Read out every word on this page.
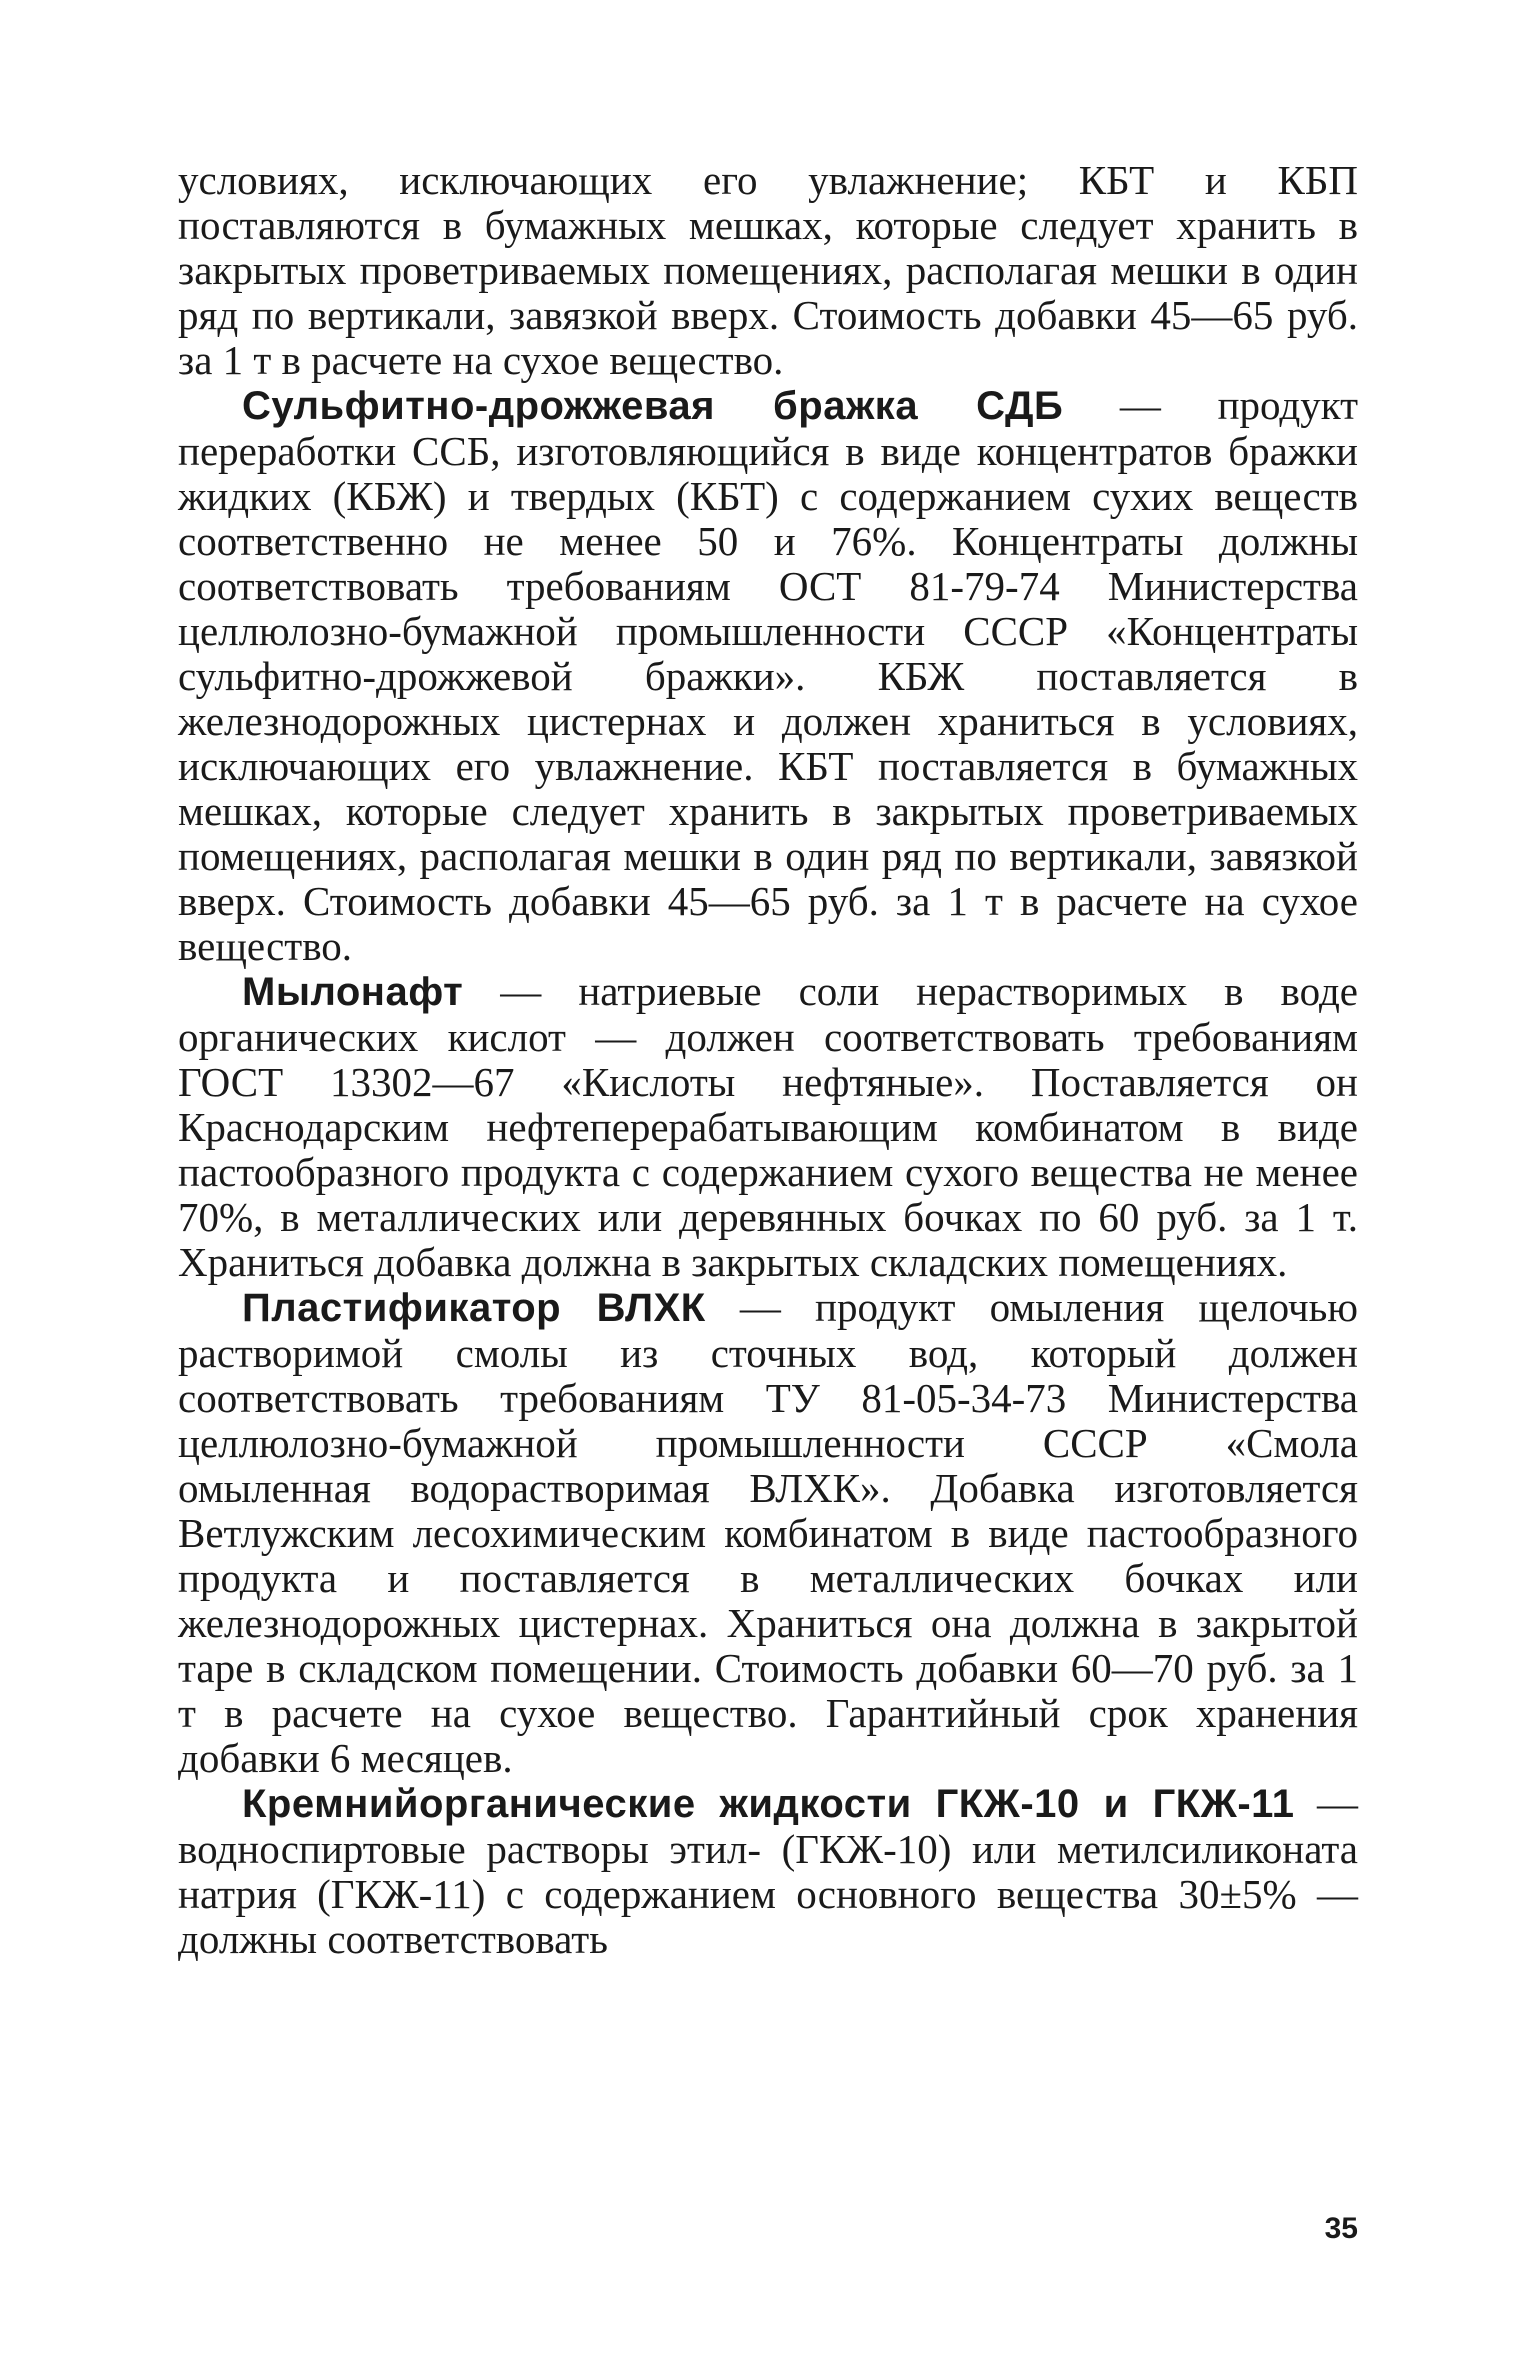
условиях, исключающих его увлажнение; КБТ и КБП поставляются в бумажных мешках, которые следует хранить в закрытых проветриваемых помещениях, располагая мешки в один ряд по вертикали, завязкой вверх. Стоимость добавки 45—65 руб. за 1 т в расчете на сухое вещество.

Сульфитно-дрожжевая бражка СДБ — продукт переработки ССБ, изготовляющийся в виде концентратов бражки жидких (КБЖ) и твердых (КБТ) с содержанием сухих веществ соответственно не менее 50 и 76%. Концентраты должны соответствовать требованиям ОСТ 81-79-74 Министерства целлюлозно-бумажной промышленности СССР «Концентраты сульфитно-дрожжевой бражки». КБЖ поставляется в железнодорожных цистернах и должен храниться в условиях, исключающих его увлажнение. КБТ поставляется в бумажных мешках, которые следует хранить в закрытых проветриваемых помещениях, располагая мешки в один ряд по вертикали, завязкой вверх. Стоимость добавки 45—65 руб. за 1 т в расчете на сухое вещество.

Мылонафт — натриевые соли нерастворимых в воде органических кислот — должен соответствовать требованиям ГОСТ 13302—67 «Кислоты нефтяные». Поставляется он Краснодарским нефтеперерабатывающим комбинатом в виде пастообразного продукта с содержанием сухого вещества не менее 70%, в металлических или деревянных бочках по 60 руб. за 1 т. Храниться добавка должна в закрытых складских помещениях.

Пластификатор ВЛХК — продукт омыления щелочью растворимой смолы из сточных вод, который должен соответствовать требованиям ТУ 81-05-34-73 Министерства целлюлозно-бумажной промышленности СССР «Смола омыленная водорастворимая ВЛХК». Добавка изготовляется Ветлужским лесохимическим комбинатом в виде пастообразного продукта и поставляется в металлических бочках или железнодорожных цистернах. Храниться она должна в закрытой таре в складском помещении. Стоимость добавки 60—70 руб. за 1 т в расчете на сухое вещество. Гарантийный срок хранения добавки 6 месяцев.

Кремнийорганические жидкости ГКЖ-10 и ГКЖ-11 — водноспиртовые растворы этил- (ГКЖ-10) или метилсиликоната натрия (ГКЖ-11) с содержанием основного вещества 30±5% — должны соответствовать

35
